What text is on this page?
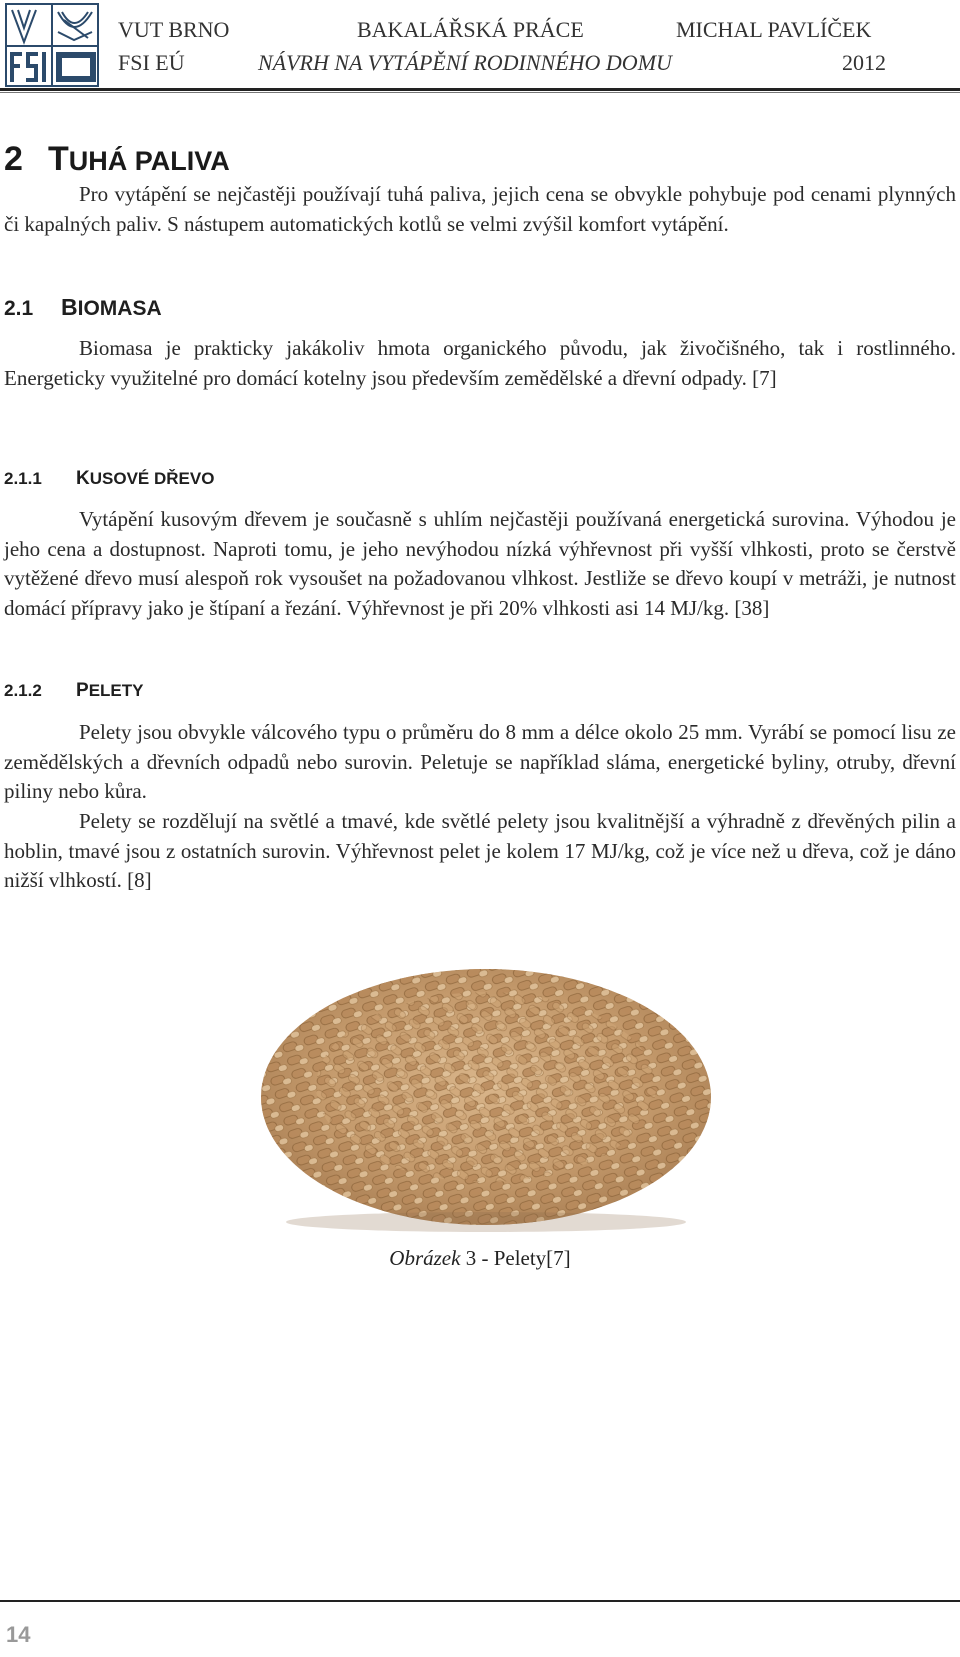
VUT BRNO	BAKALÁŘSKÁ PRÁCE	MICHAL PAVLÍČEK
FSI EÚ	NÁVRH NA VYTÁPĚNÍ RODINNÉHO DOMU	2012
2 TUHÁ PALIVA

Pro vytápění se nejčastěji používají tuhá paliva, jejich cena se obvykle pohybuje pod cenami plynných či kapalných paliv. S nástupem automatických kotlů se velmi zvýšil komfort vytápění.

2.1 BIOMASA

Biomasa je prakticky jakákoliv hmota organického původu, jak živočišného, tak i rostlinného. Energeticky využitelné pro domácí kotelny jsou především zemědělské a dřevní odpady. [7]

2.1.1 KUSOVÉ DŘEVO

Vytápění kusovým dřevem je současně s uhlím nejčastěji používaná energetická surovina. Výhodou je jeho cena a dostupnost. Naproti tomu, je jeho nevýhodou nízká výhřevnost při vyšší vlhkosti, proto se čerstvě vytěžené dřevo musí alespoň rok vysoušet na požadovanou vlhkost. Jestliže se dřevo koupí v metráži, je nutnost domácí přípravy jako je štípaní a řezání. Výhřevnost je při 20% vlhkosti asi 14 MJ/kg. [38]

2.1.2 PELETY

Pelety jsou obvykle válcového typu o průměru do 8 mm a délce okolo 25 mm. Vyrábí se pomocí lisu ze zemědělských a dřevních odpadů nebo surovin. Peletuje se například sláma, energetické byliny, otruby, dřevní piliny nebo kůra.

Pelety se rozdělují na světlé a tmavé, kde světlé pelety jsou kvalitnější a výhradně z dřevěných pilin a hoblin, tmavé jsou z ostatních surovin. Výhřevnost pelet je kolem 17 MJ/kg, což je více než u dřeva, což je dáno nižší vlhkostí. [8]

Obrázek 3 - Pelety[7]
14
